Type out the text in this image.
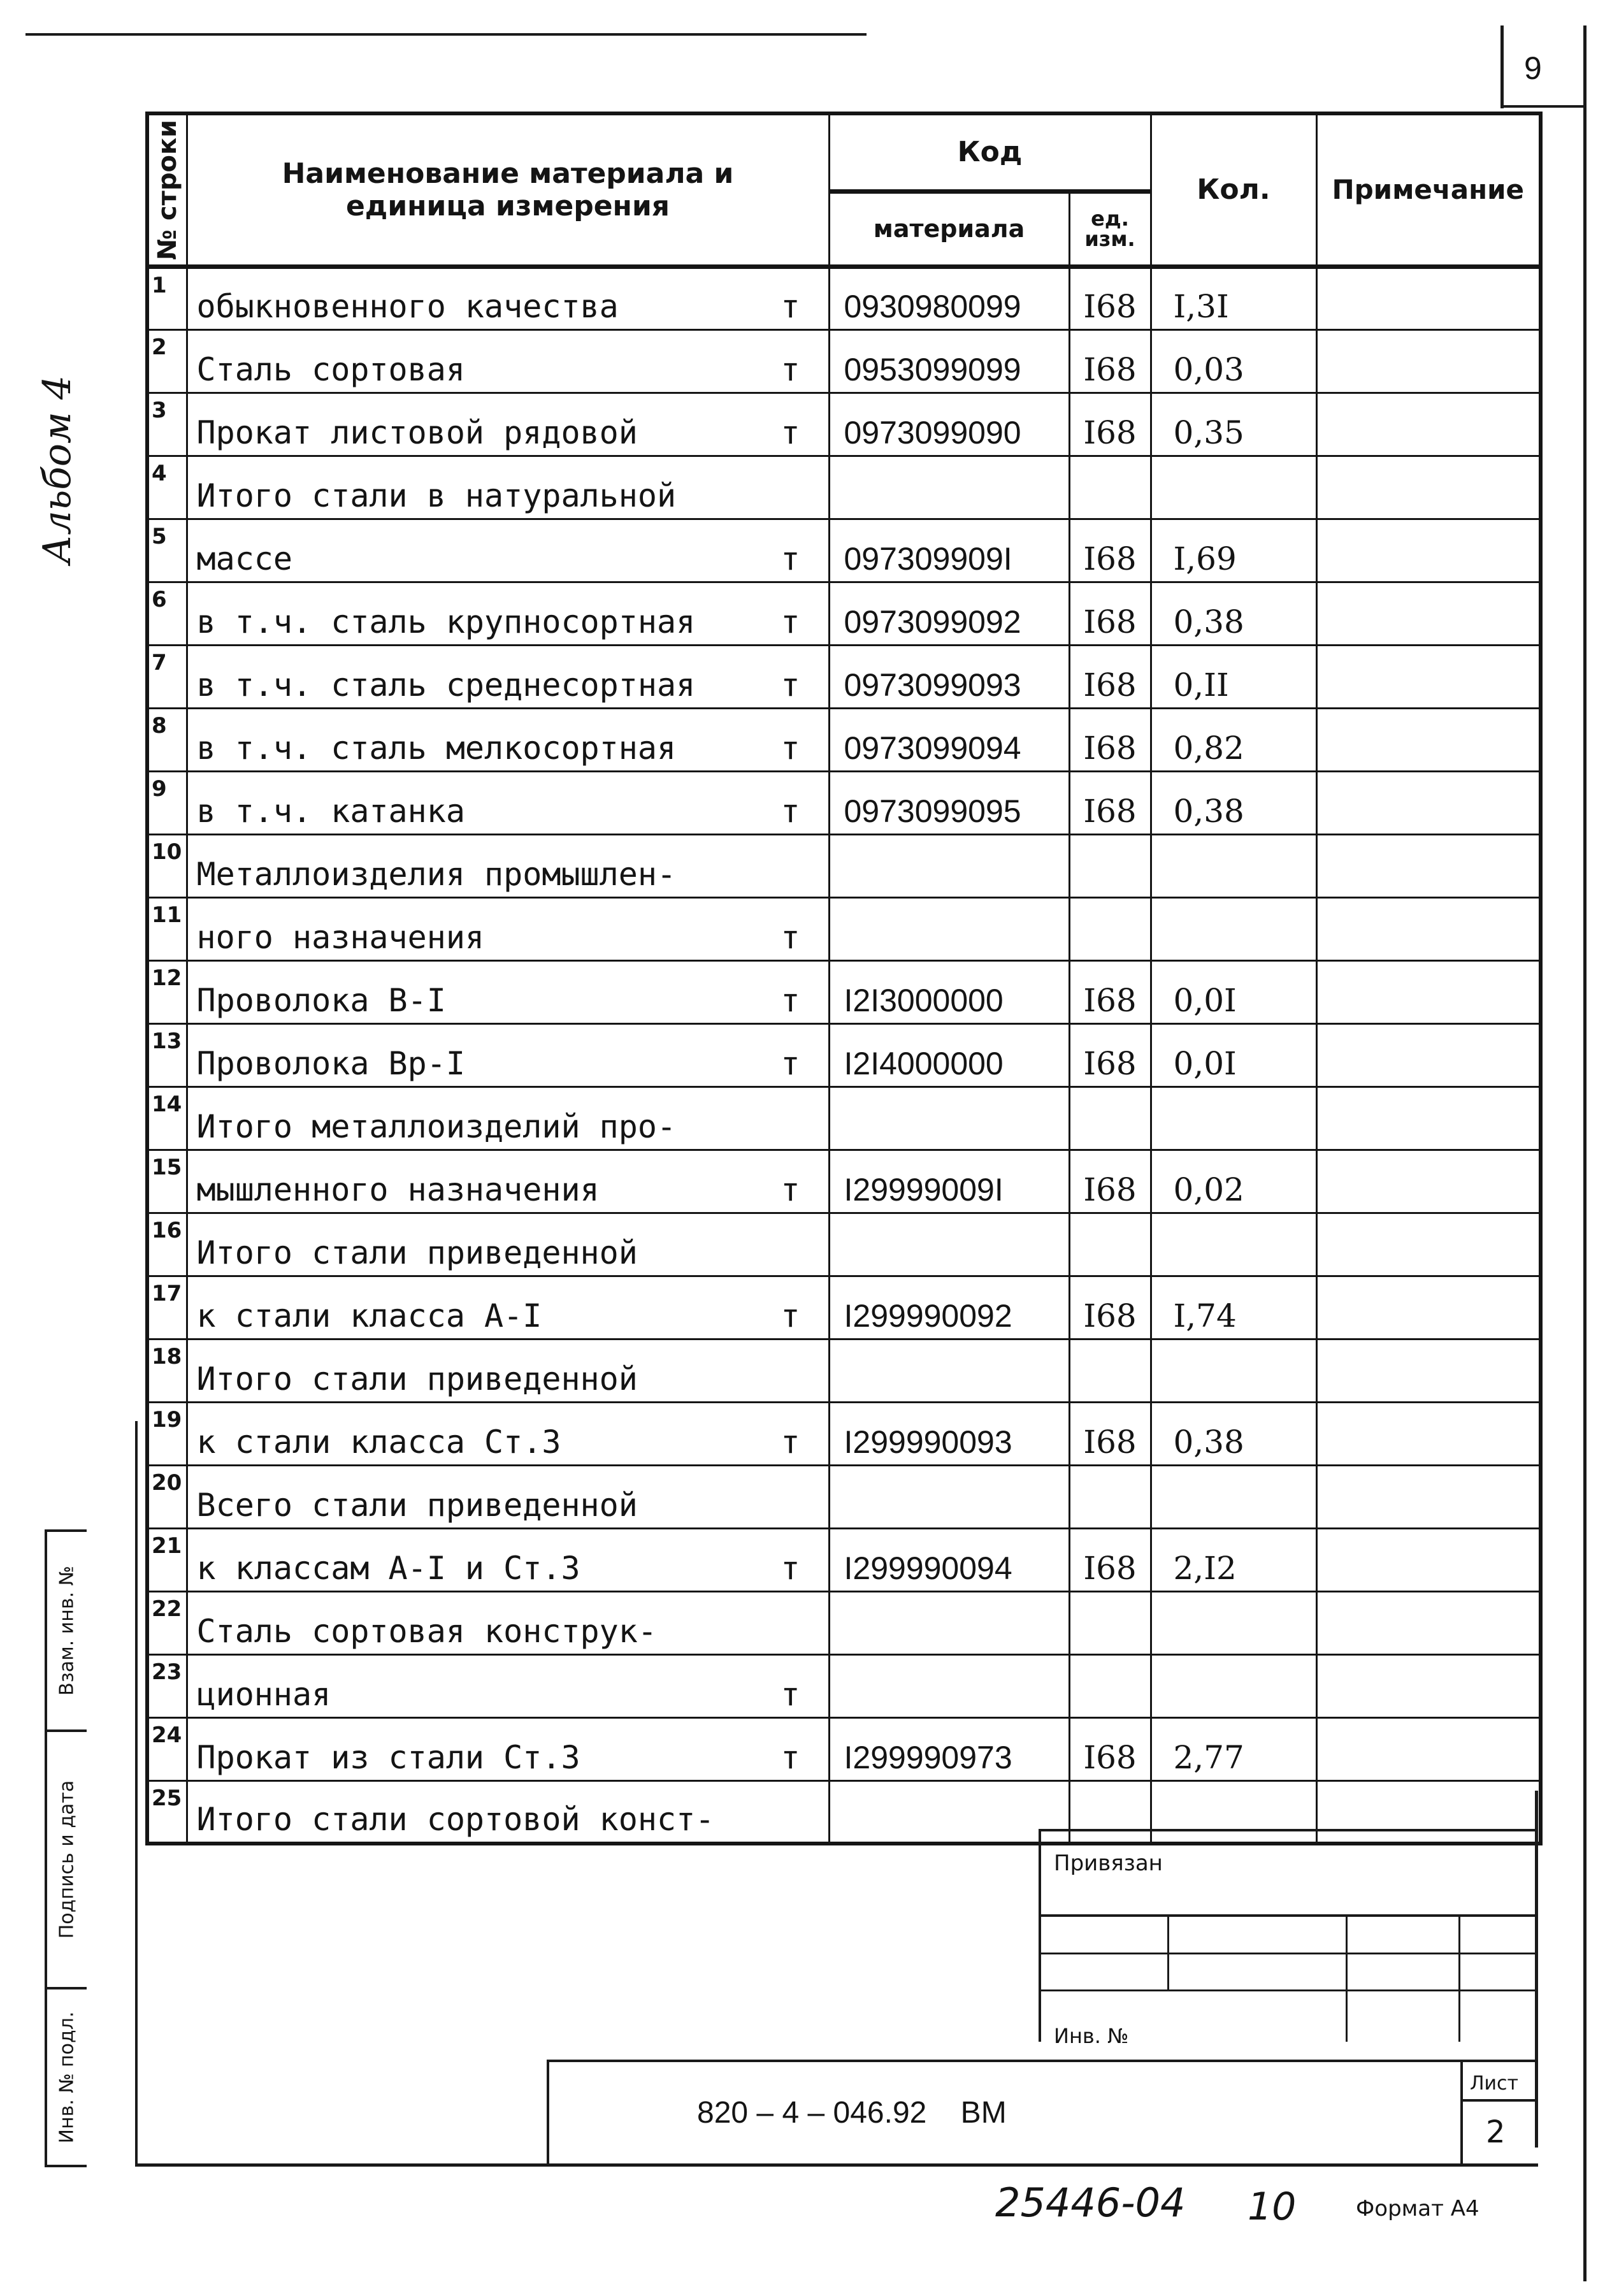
9
Альбом 4
№ строки	Наименование материала и единица измерения	Код		Кол.	Примечание
		материала	ед. изм.		
1	обыкновенного качества т	0930980099	I68	I,3I	
2	Сталь сортовая т	0953099099	I68	0,03	
3	Прокат листовой рядовой т	0973099090	I68	0,35	
4	Итого стали в натуральной

5	массе т	097309909I	I68	I,69	
6	в т.ч. сталь крупносортная т	0973099092	I68	0,38	
7	в т.ч. сталь среднесортная т	0973099093	I68	0,II	
8	в т.ч. сталь мелкосортная т	0973099094	I68	0,82	
9	в т.ч. катанка т	0973099095	I68	0,38	
10	Металлоизделия промышлен-

11	ного назначения т				

12	Проволока В-I т	I2I3000000	I68	0,0I	
13	Проволока Вр-I т	I2I4000000	I68	0,0I	
14	Итого металлоизделий про-

15	мышленного назначения т	I29999009I	I68	0,02	
16	Итого стали приведенной

17	к стали класса А-I т	I299990092	I68	I,74	
18	Итого стали приведенной

19	к стали класса Ст.3 т	I299990093	I68	0,38	
20	Всего стали приведенной

21	к классам А-I и Ст.3 т	I299990094	I68	2,I2	
22	Сталь сортовая конструк-

23	ционная т				

24	Прокат из стали Ст.3 т	I299990973	I68	2,77	
25	Итого стали сортовой конст-

Взам. инв. №
Подпись и дата
Инв. № подл.
Привязан
Инв. №
820 – 4 – 046.92    ВМ
Лист
2
25446-04 10	Формат А4
